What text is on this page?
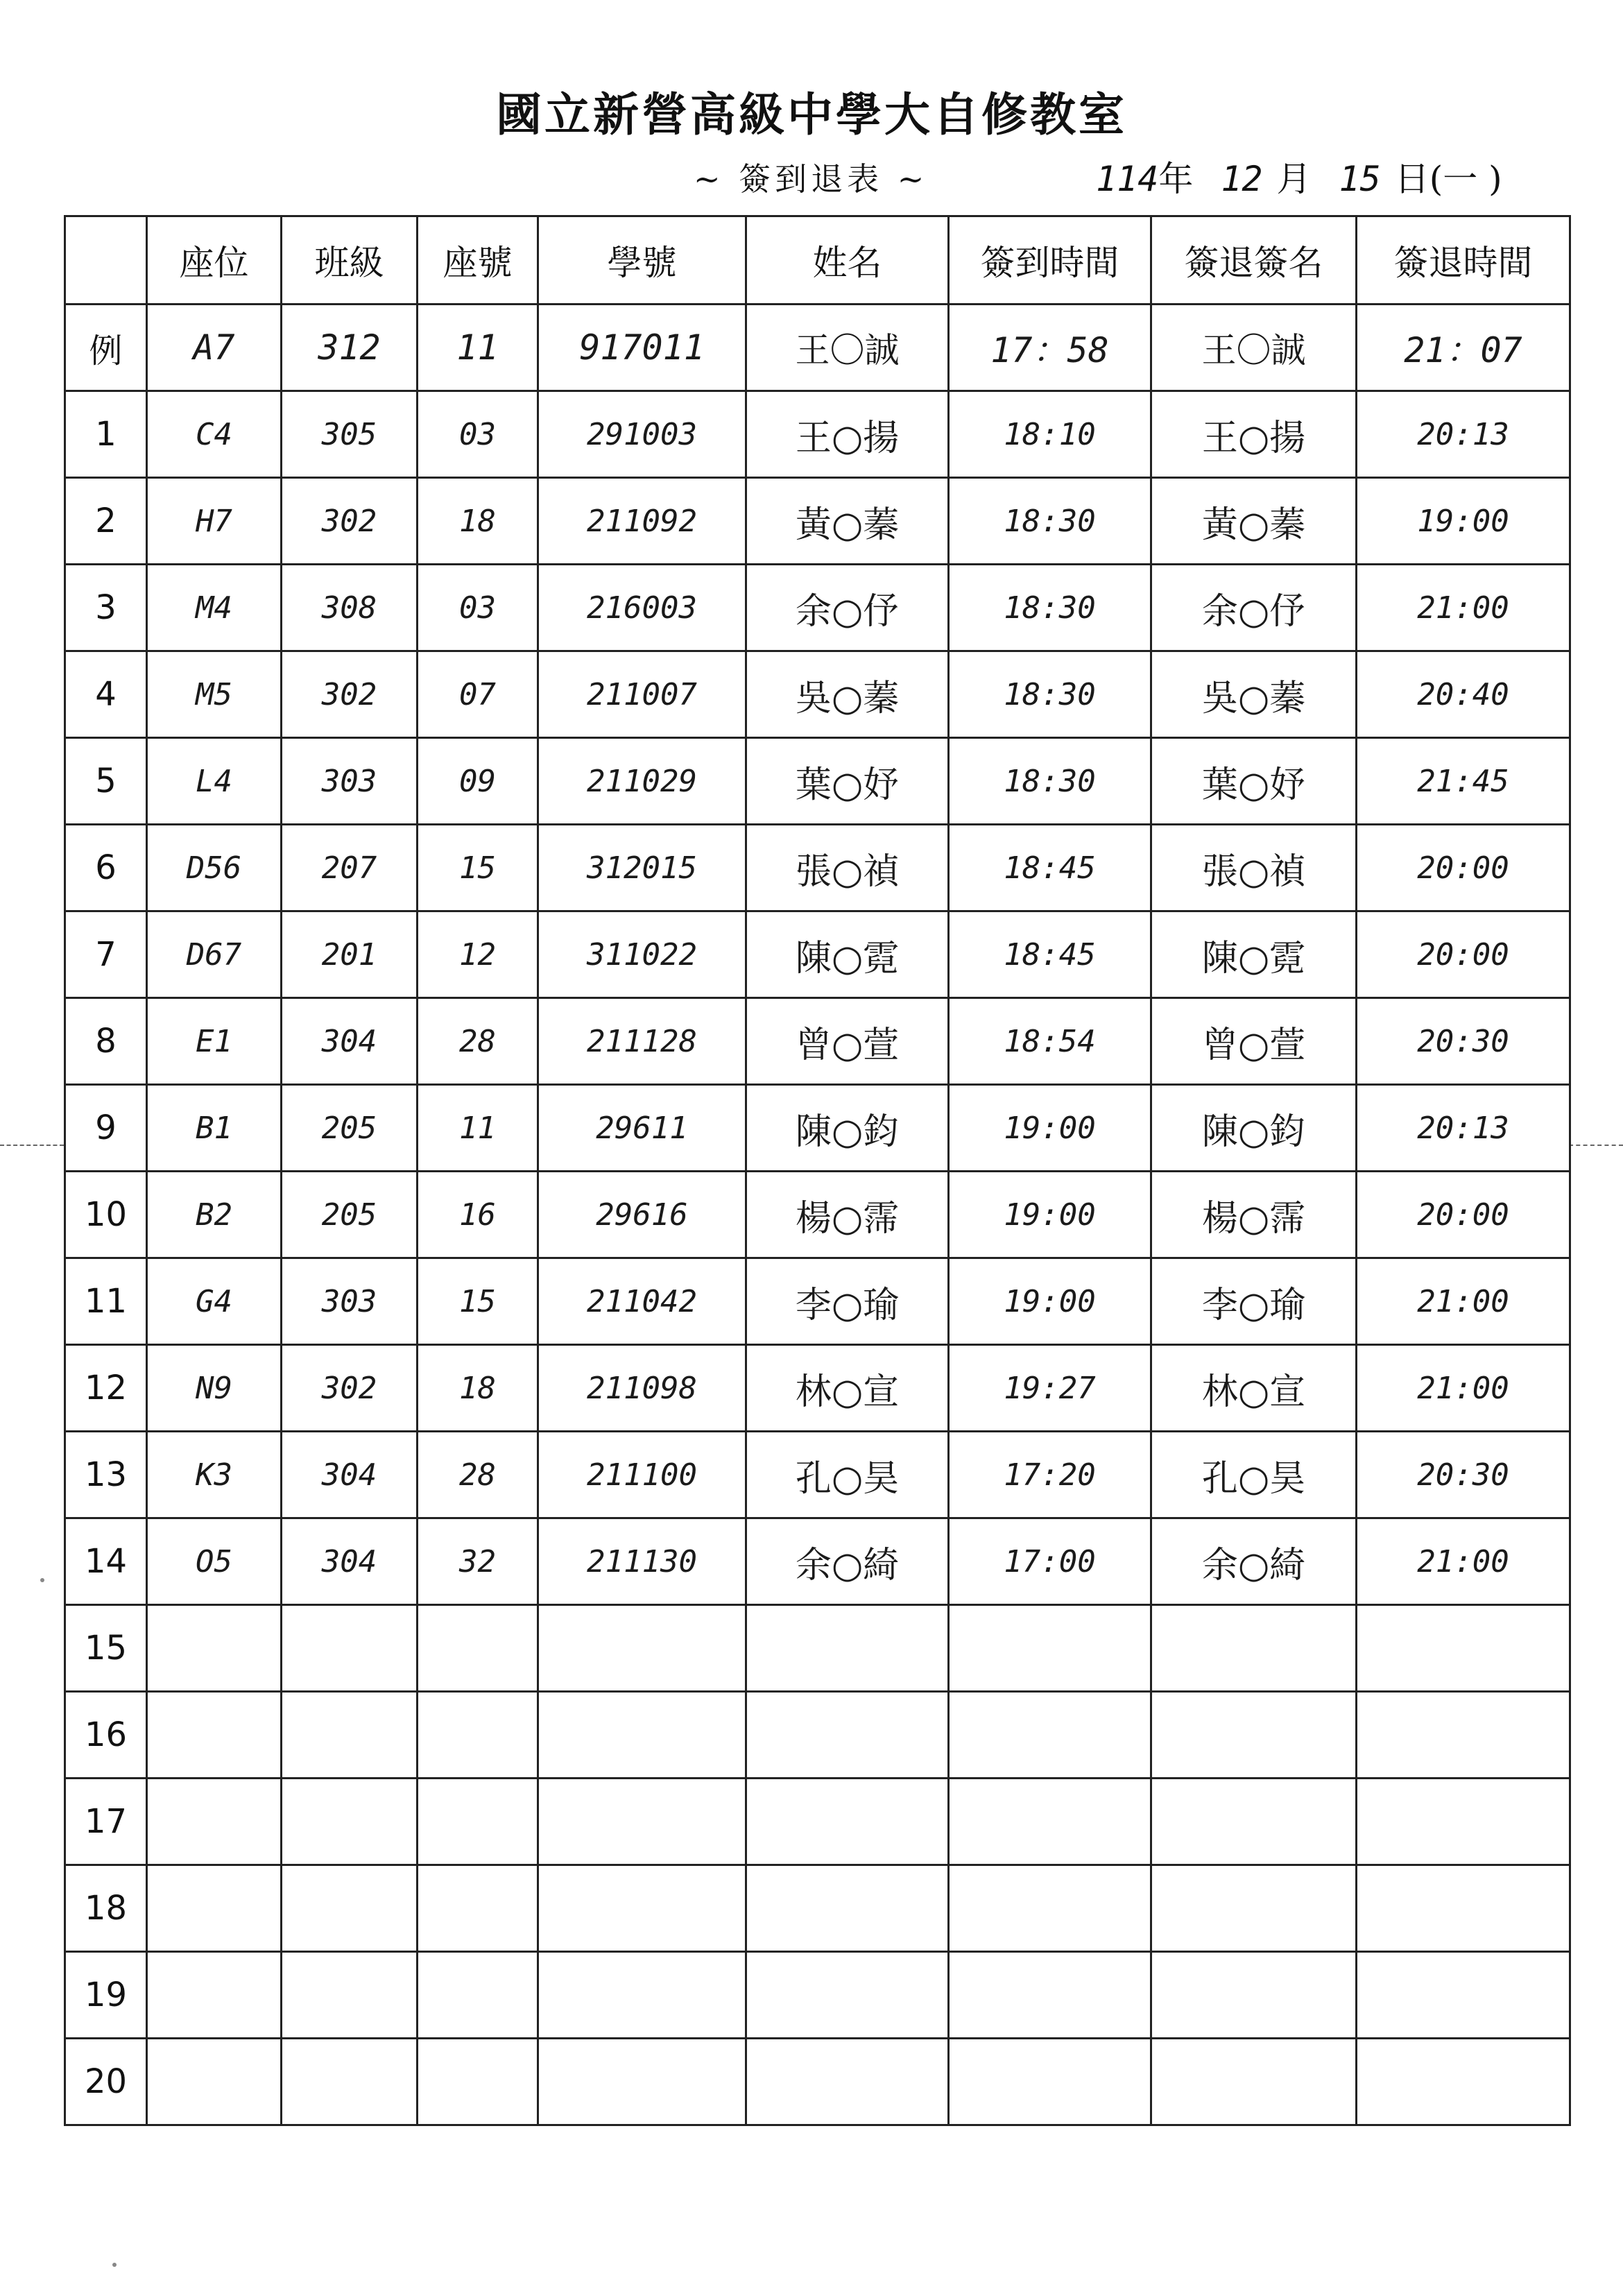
國立新營高級中學大自修教室
~ 簽到退表 ~	114年 12 月 15 日(一 )
	座位	班級	座號	學號	姓名	簽到時間	簽退簽名	簽退時間
例	A7	312	11	917011	王〇誠	17：58	王〇誠	21：07
1	C4	305	03	291003	王○揚	18:10	王○揚	20:13
2	H7	302	18	211092	黃○蓁	18:30	黃○蓁	19:00
3	M4	308	03	216003	余○伃	18:30	余○伃	21:00
4	M5	302	07	211007	吳○蓁	18:30	吳○蓁	20:40
5	L4	303	09	211029	葉○妤	18:30	葉○妤	21:45
6	D56	207	15	312015	張○禎	18:45	張○禎	20:00
7	D67	201	12	311022	陳○霓	18:45	陳○霓	20:00
8	E1	304	28	211128	曾○萱	18:54	曾○萱	20:30
9	B1	205	11	29611	陳○鈞	19:00	陳○鈞	20:13
10	B2	205	16	29616	楊○霈	19:00	楊○霈	20:00
11	G4	303	15	211042	李○瑜	19:00	李○瑜	21:00
12	N9	302	18	211098	林○宣	19:27	林○宣	21:00
13	K3	304	28	211100	孔○昊	17:20	孔○昊	20:30
14	O5	304	32	211130	余○綺	17:00	余○綺	21:00
15								
16								
17								
18								
19								
20								
